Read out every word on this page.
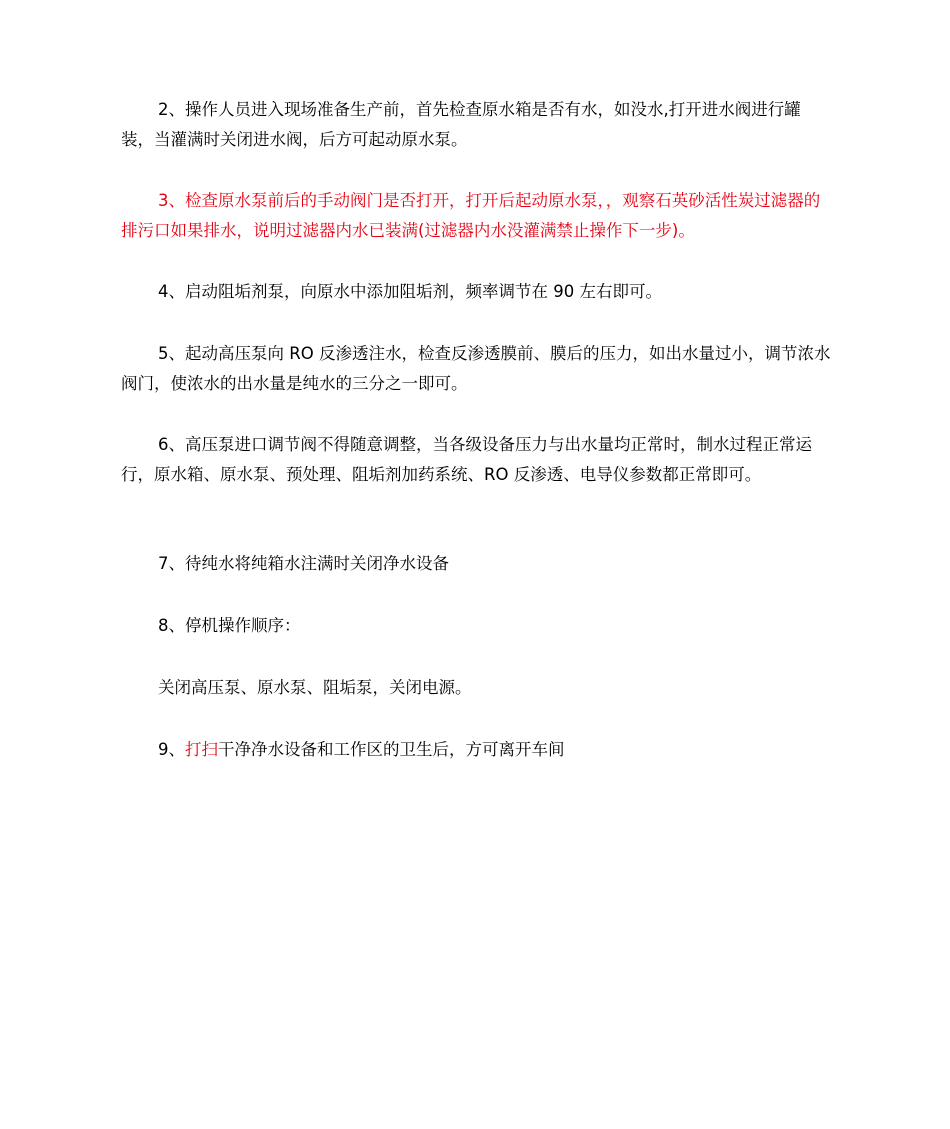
2、操作人员进入现场准备生产前，首先检查原水箱是否有水，如没水,打开进水阀进行罐装，当灌满时关闭进水阀，后方可起动原水泵。

3、检查原水泵前后的手动阀门是否打开，打开后起动原水泵，，观察石英砂活性炭过滤器的排污口如果排水，说明过滤器内水已装满(过滤器内水没灌满禁止操作下一步)。

4、启动阻垢剂泵，向原水中添加阻垢剂，频率调节在 90 左右即可。

5、起动高压泵向 RO 反渗透注水，检查反渗透膜前、膜后的压力，如出水量过小，调节浓水阀门，使浓水的出水量是纯水的三分之一即可。

6、高压泵进口调节阀不得随意调整，当各级设备压力与出水量均正常时，制水过程正常运行，原水箱、原水泵、预处理、阻垢剂加药系统、RO 反渗透、电导仪参数都正常即可。

7、待纯水将纯箱水注满时关闭净水设备

8、停机操作顺序：

关闭高压泵、原水泵、阻垢泵，关闭电源。

9、打扫干净净水设备和工作区的卫生后，方可离开车间
